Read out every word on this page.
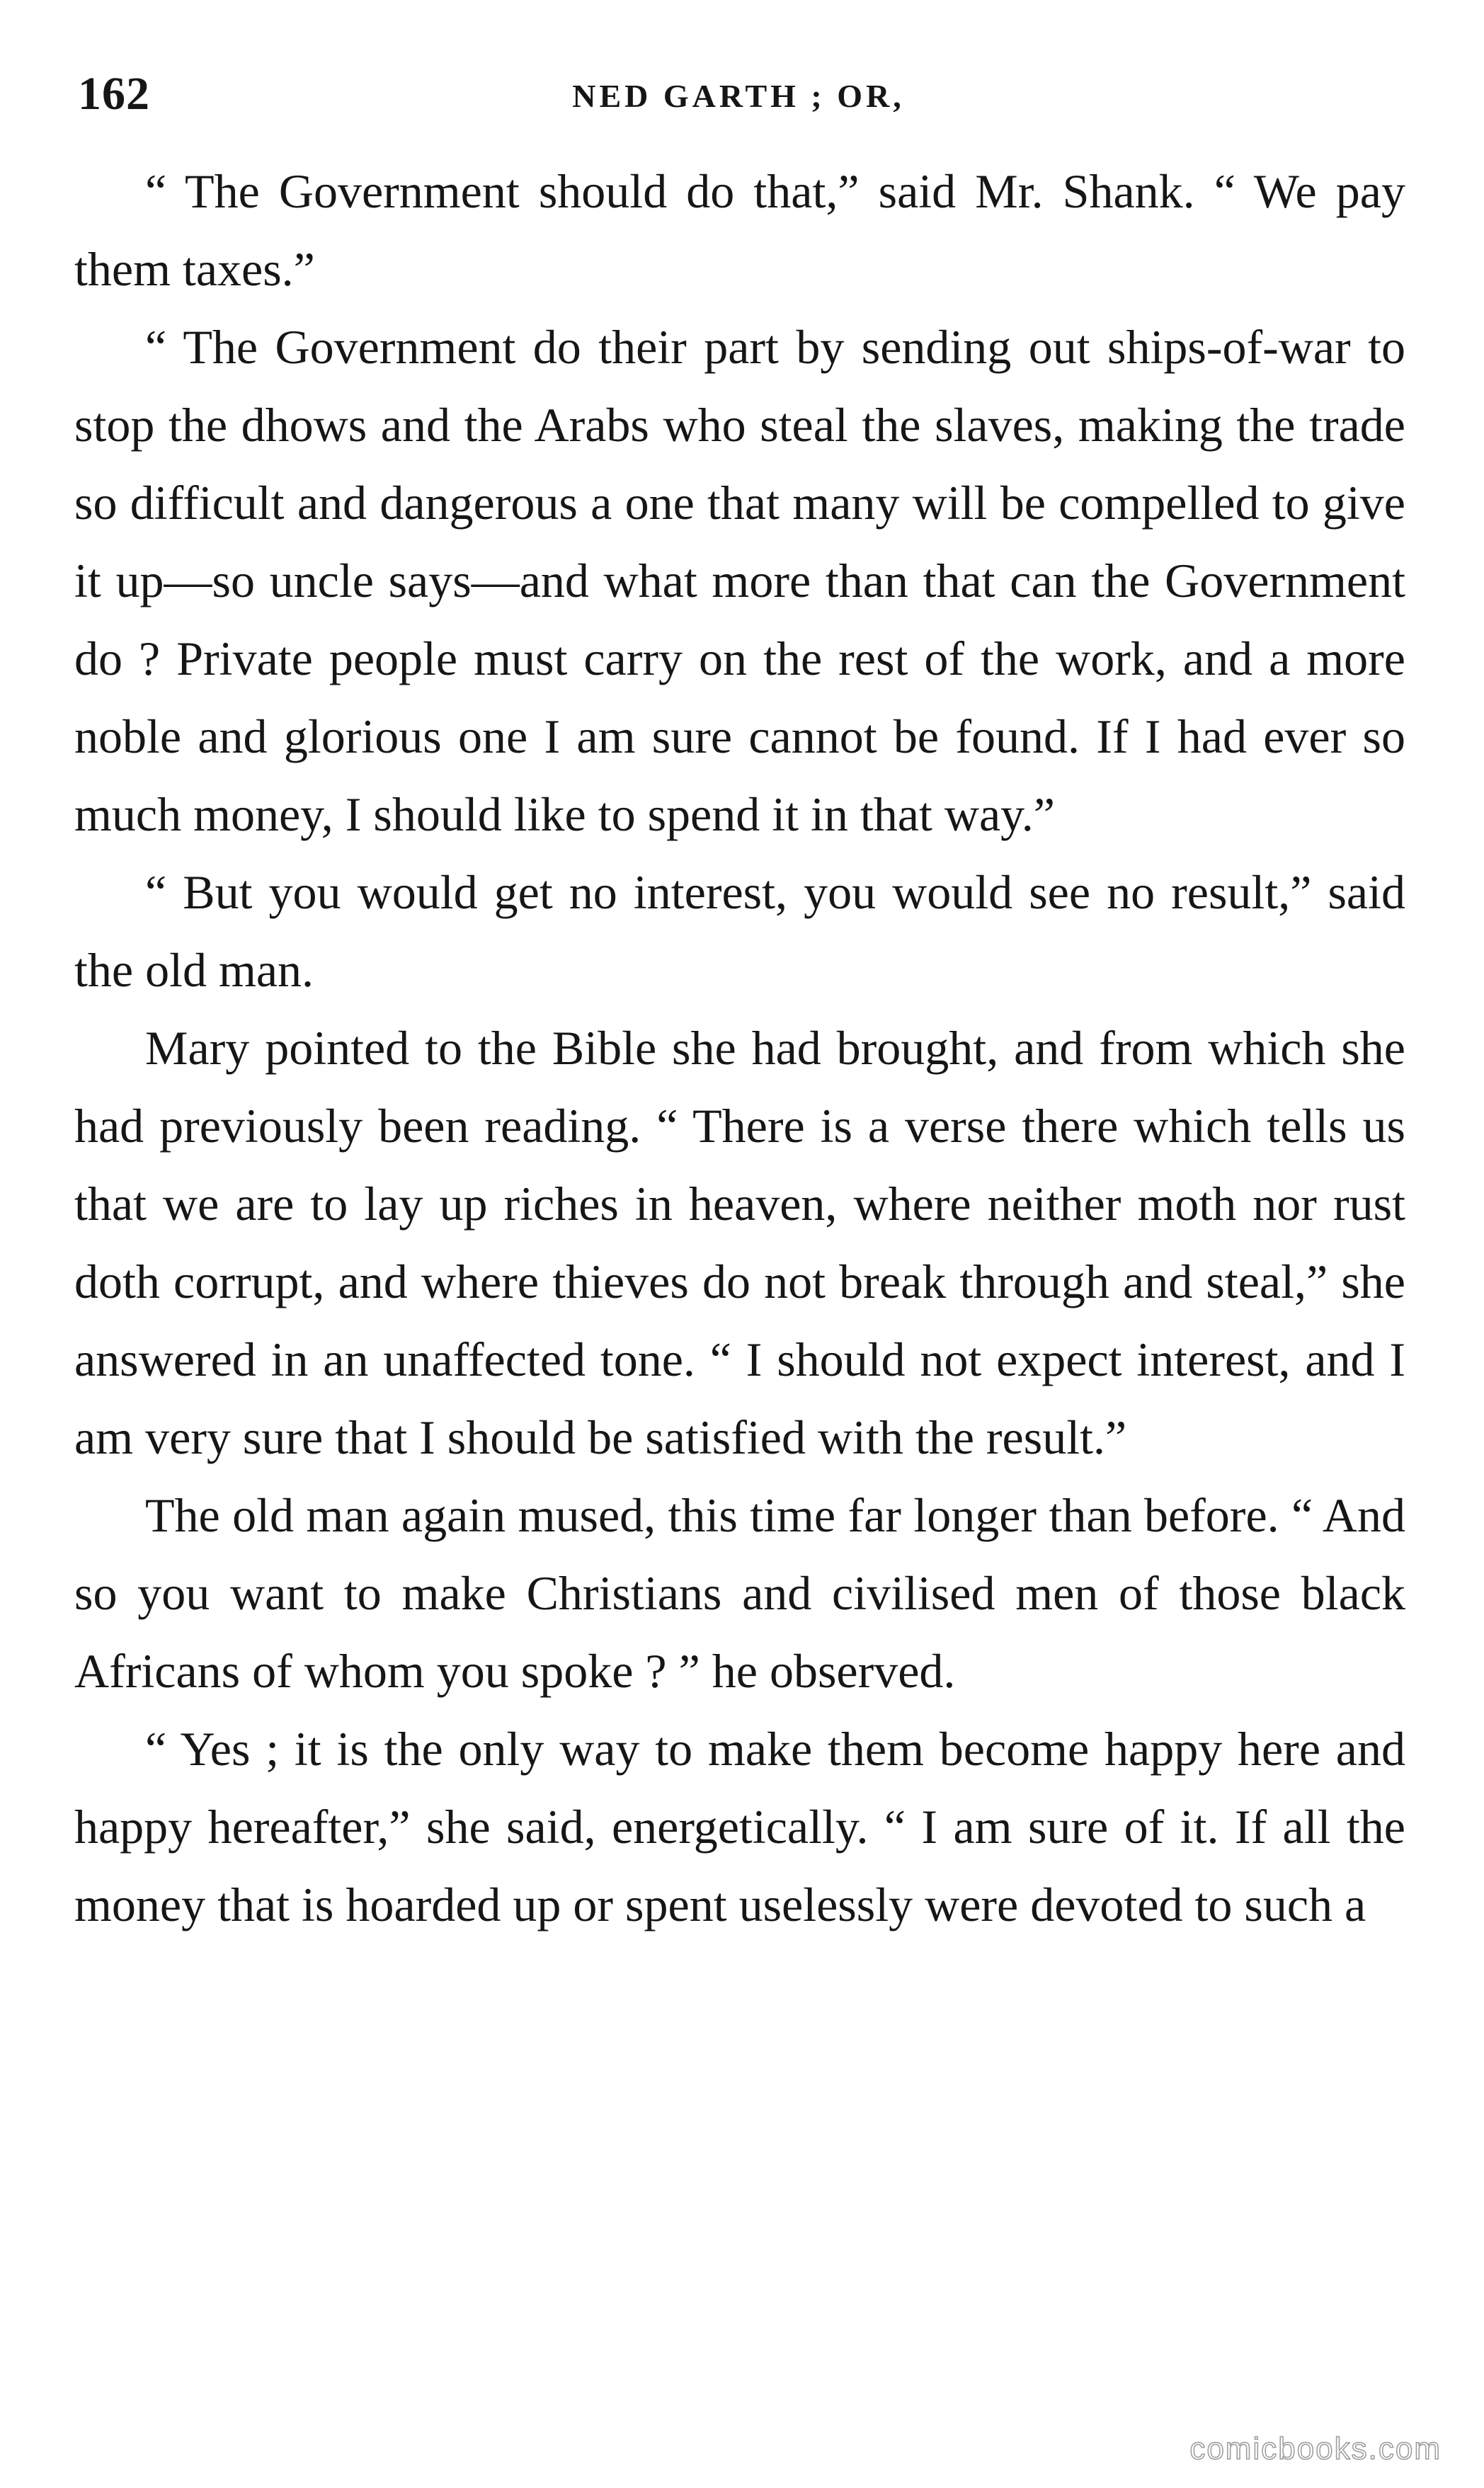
162	NED GARTH ; OR,

“ The Government should do that,” said Mr. Shank. “ We pay them taxes.”

“ The Government do their part by sending out ships-of-war to stop the dhows and the Arabs who steal the slaves, making the trade so difficult and dangerous a one that many will be compelled to give it up—so uncle says—and what more than that can the Government do ? Private people must carry on the rest of the work, and a more noble and glorious one I am sure cannot be found. If I had ever so much money, I should like to spend it in that way.”

“ But you would get no interest, you would see no result,” said the old man.

Mary pointed to the Bible she had brought, and from which she had previously been reading. “ There is a verse there which tells us that we are to lay up riches in heaven, where neither moth nor rust doth corrupt, and where thieves do not break through and steal,” she answered in an unaffected tone. “ I should not expect interest, and I am very sure that I should be satisfied with the result.”

The old man again mused, this time far longer than before. “ And so you want to make Christians and civilised men of those black Africans of whom you spoke ? ” he observed.

“ Yes ; it is the only way to make them become happy here and happy hereafter,” she said, energetically. “ I am sure of it. If all the money that is hoarded up or spent uselessly were devoted to such a

comicbooks.com
